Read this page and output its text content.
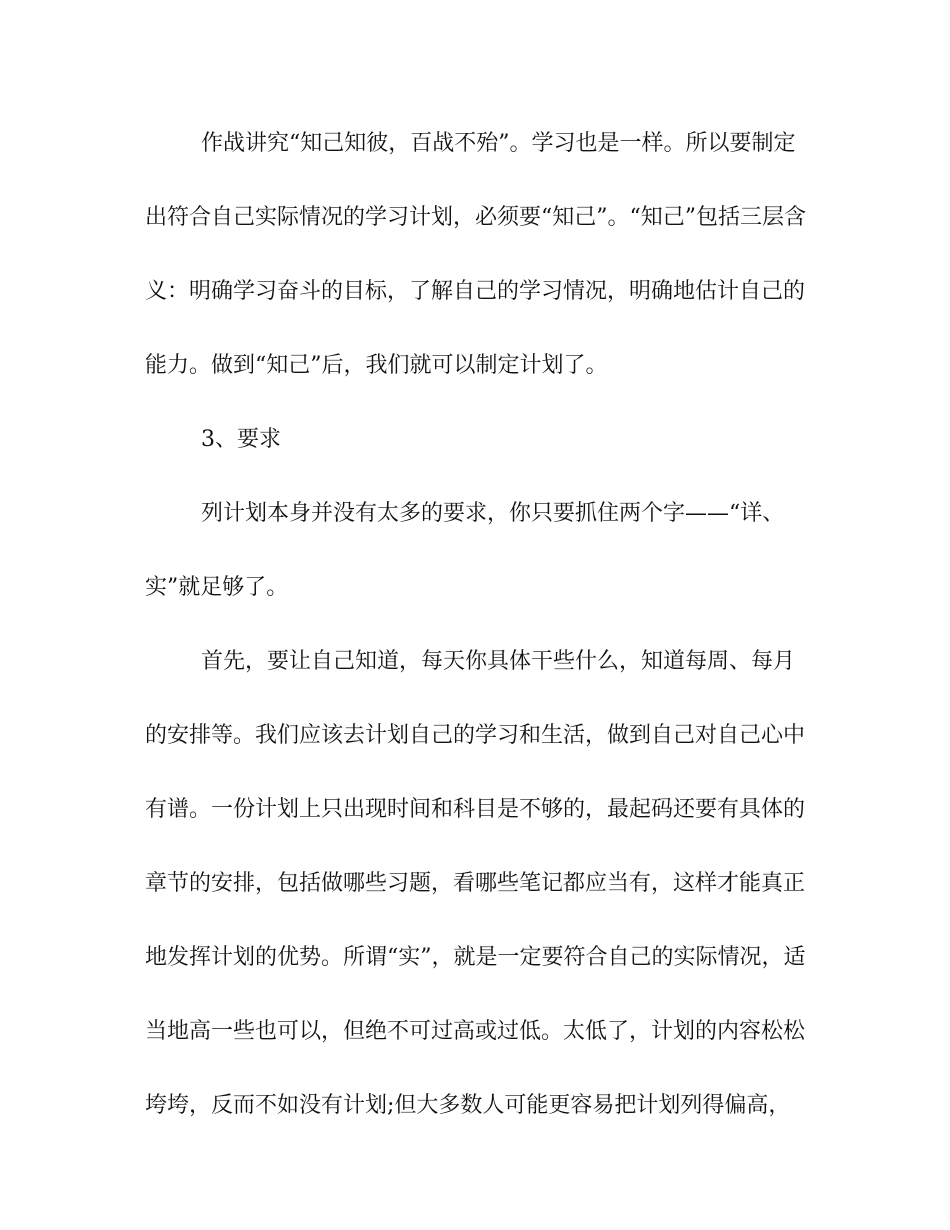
作战讲究“知己知彼，百战不殆”。学习也是一样。所以要制定
出符合自己实际情况的学习计划，必须要“知己”。“知己”包括三层含
义：明确学习奋斗的目标，了解自己的学习情况，明确地估计自己的
能力。做到“知己”后，我们就可以制定计划了。
3、要求
列计划本身并没有太多的要求，你只要抓住两个字——“详、
实”就足够了。
首先，要让自己知道，每天你具体干些什么，知道每周、每月
的安排等。我们应该去计划自己的学习和生活，做到自己对自己心中
有谱。一份计划上只出现时间和科目是不够的，最起码还要有具体的
章节的安排，包括做哪些习题，看哪些笔记都应当有，这样才能真正
地发挥计划的优势。所谓“实”，就是一定要符合自己的实际情况，适
当地高一些也可以，但绝不可过高或过低。太低了，计划的内容松松
垮垮，反而不如没有计划;但大多数人可能更容易把计划列得偏高，
